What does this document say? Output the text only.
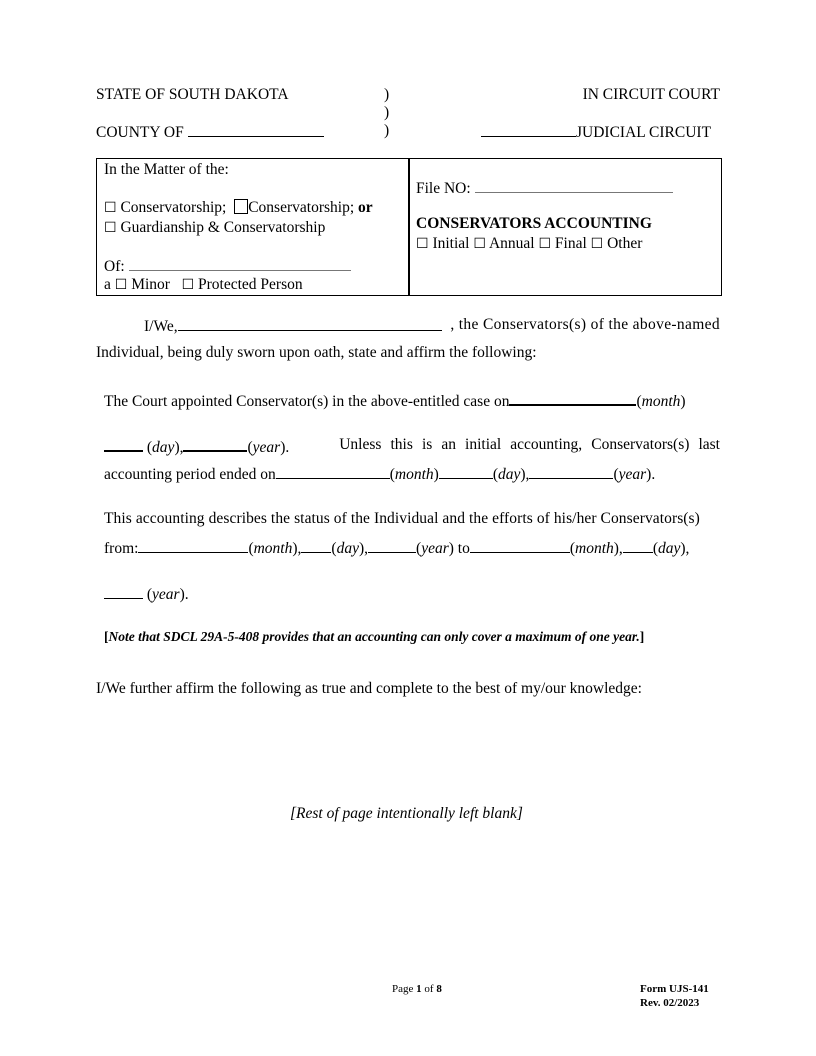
STATE OF SOUTH DAKOTA	)
)
)
IN CIRCUIT COURT
COUNTY OF	JUDICIAL CIRCUIT
In the Matter of the:
☐ Conservatorship; Conservatorship; or
☐ Guardianship & Conservatorship
Of:
a ☐ Minor ☐ Protected Person
File NO:
CONSERVATORS ACCOUNTING
☐ Initial ☐ Annual ☐ Final ☐ Other
I/We,	, the Conservators(s) of the above-named
Individual, being duly sworn upon oath, state and affirm the following:
The Court appointed Conservator(s) in the above-entitled case on	(month)
(day),	(year).	Unless this is an initial accounting, Conservators(s) last
accounting period ended on	(month)	(day),	(year).
This accounting describes the status of the Individual and the efforts of his/her Conservators(s)
from:	(month), (day),	(year) to	(month), (day),
(year).
[Note that SDCL 29A-5-408 provides that an accounting can only cover a maximum of one year.]
I/We further affirm the following as true and complete to the best of my/our knowledge:
[Rest of page intentionally left blank]
Page 1 of 8	Form UJS-141
Rev. 02/2023
